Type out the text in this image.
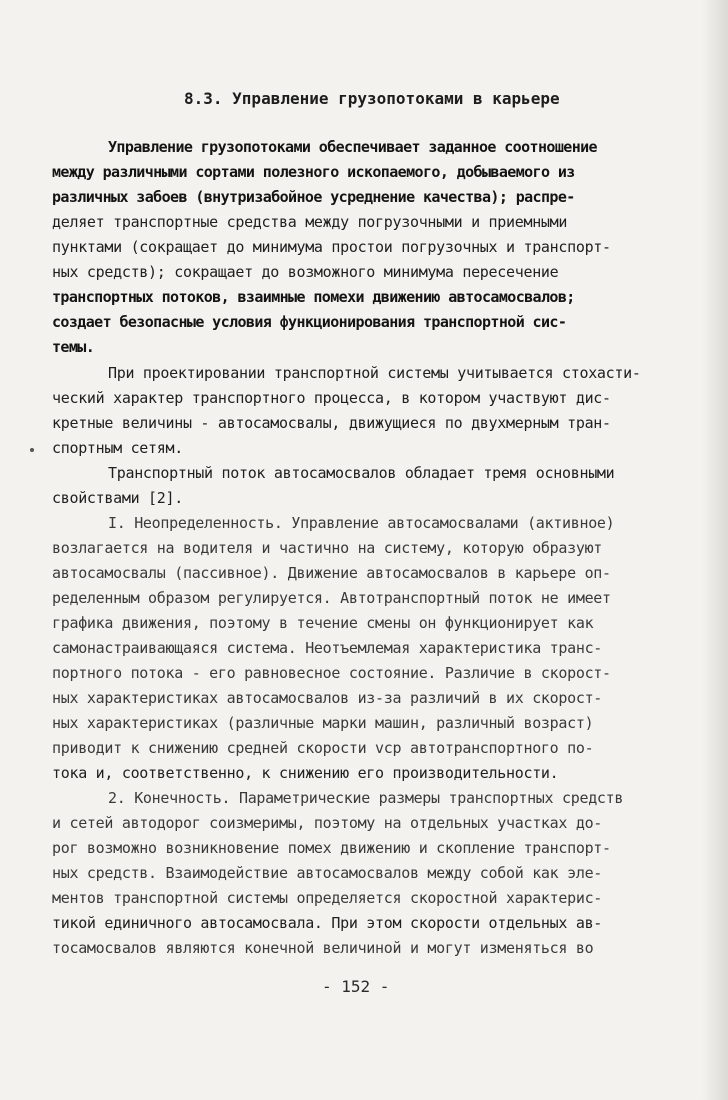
8.3. Управление грузопотоками в карьере
Управление грузопотоками обеспечивает заданное соотношение
между различными сортами полезного ископаемого, добываемого из
различных забоев (внутризабойное усреднение качества); распре-
деляет транспортные средства между погрузочными и приемными
пунктами (сокращает до минимума простои погрузочных и транспорт-
ных средств); сокращает до возможного минимума пересечение
транспортных потоков, взаимные помехи движению автосамосвалов;
создает безопасные условия функционирования транспортной сис-
темы.
При проектировании транспортной системы учитывается стохасти-
ческий характер транспортного процесса, в котором участвуют дис-
кретные величины - автосамосвалы, движущиеся по двухмерным тран-
спортным сетям.
Транспортный поток автосамосвалов обладает тремя основными
свойствами [2].
I. Неопределенность. Управление автосамосвалами (активное)
возлагается на водителя и частично на систему, которую образуют
автосамосвалы (пассивное). Движение автосамосвалов в карьере оп-
ределенным образом регулируется. Автотранспортный поток не имеет
графика движения, поэтому в течение смены он функционирует как
самонастраивающаяся система. Неотъемлемая характеристика транс-
портного потока - его равновесное состояние. Различие в скорост-
ных характеристиках автосамосвалов из-за различий в их скорост-
ных характеристиках (различные марки машин, различный возраст)
приводит к снижению средней скорости vср автотранспортного по-
тока и, соответственно, к снижению его производительности.
2. Конечность. Параметрические размеры транспортных средств
и сетей автодорог соизмеримы, поэтому на отдельных участках до-
рог возможно возникновение помех движению и скопление транспорт-
ных средств. Взаимодействие автосамосвалов между собой как эле-
ментов транспортной системы определяется скоростной характерис-
тикой единичного автосамосвала. При этом скорости отдельных ав-
тосамосвалов являются конечной величиной и могут изменяться во
- 152 -
